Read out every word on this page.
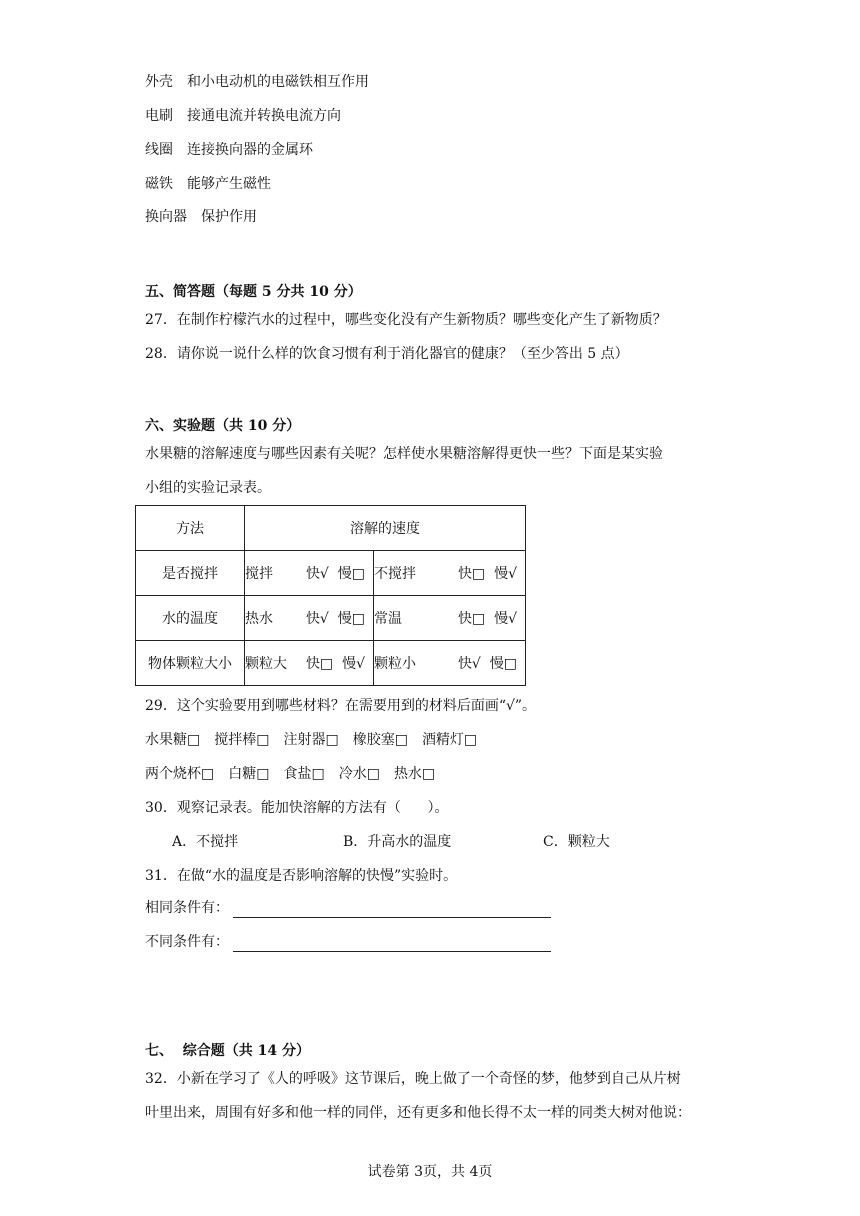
外壳 和小电动机的电磁铁相互作用
电刷 接通电流并转换电流方向
线圈 连接换向器的金属环
磁铁 能够产生磁性
换向器 保护作用
五、简答题（每题 5 分共 10 分）
27．在制作柠檬汽水的过程中，哪些变化没有产生新物质？哪些变化产生了新物质？
28．请你说一说什么样的饮食习惯有利于消化器官的健康？（至少答出 5 点）
六、实验题（共 10 分）
水果糖的溶解速度与哪些因素有关呢？怎样使水果糖溶解得更快一些？下面是某实验
小组的实验记录表。
方法	溶解的速度	
是否搅拌	搅拌 快√  慢□	不搅拌 快□  慢√

水的温度	热水 快√  慢□	常温 快□  慢√

物体颗粒大小	颗粒大 快□  慢√	颗粒小 快√  慢□
29．这个实验要用到哪些材料？在需要用到的材料后面画“√”。
水果糖□ 搅拌棒□ 注射器□ 橡胶塞□ 酒精灯□
两个烧杯□ 白糖□ 食盐□ 冷水□ 热水□
30．观察记录表。能加快溶解的方法有（      ）。
A．不搅拌	B．升高水的温度	C．颗粒大
31．在做“水的温度是否影响溶解的快慢”实验时。
相同条件有：
不同条件有：
七、  综合题（共 14 分）
32．小新在学习了《人的呼吸》这节课后，晚上做了一个奇怪的梦，他梦到自己从片树
叶里出来，周围有好多和他一样的同伴，还有更多和他长得不太一样的同类大树对他说：
试卷第 3页，共 4页
